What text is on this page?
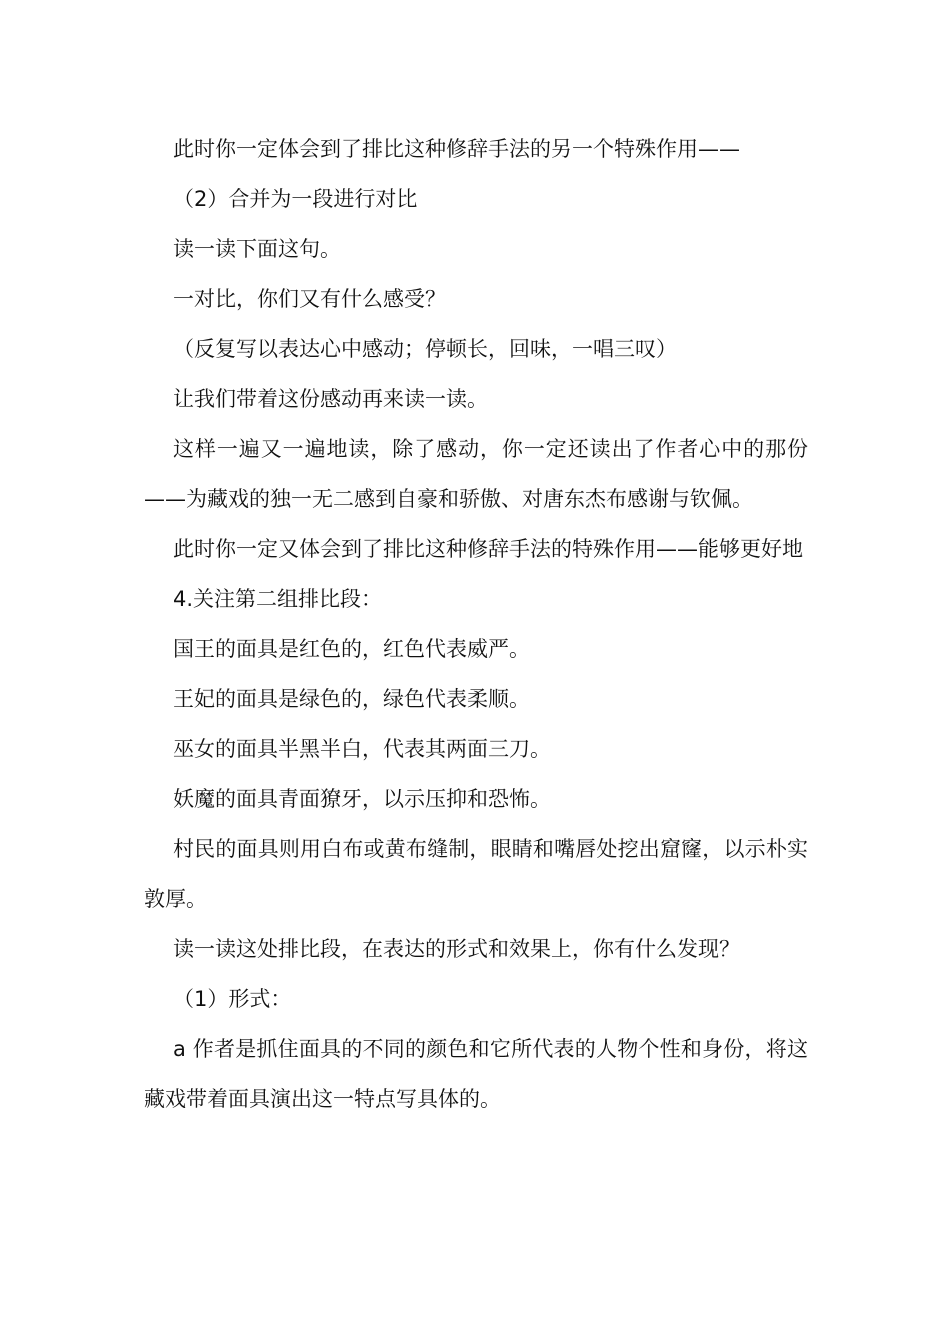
此时你一定体会到了排比这种修辞手法的另一个特殊作用——

（2）合并为一段进行对比

读一读下面这句。

一对比，你们又有什么感受？

（反复写以表达心中感动；停顿长，回味，一唱三叹）

让我们带着这份感动再来读一读。

这样一遍又一遍地读，除了感动，你一定还读出了作者心中的那份——为藏戏的独一无二感到自豪和骄傲、对唐东杰布感谢与钦佩。

此时你一定又体会到了排比这种修辞手法的特殊作用——能够更好地

4.关注第二组排比段：

国王的面具是红色的，红色代表威严。

王妃的面具是绿色的，绿色代表柔顺。

巫女的面具半黑半白，代表其两面三刀。

妖魔的面具青面獠牙，以示压抑和恐怖。

村民的面具则用白布或黄布缝制，眼睛和嘴唇处挖出窟窿，以示朴实敦厚。

读一读这处排比段，在表达的形式和效果上，你有什么发现？

（1）形式：

a 作者是抓住面具的不同的颜色和它所代表的人物个性和身份，将这藏戏带着面具演出这一特点写具体的。
